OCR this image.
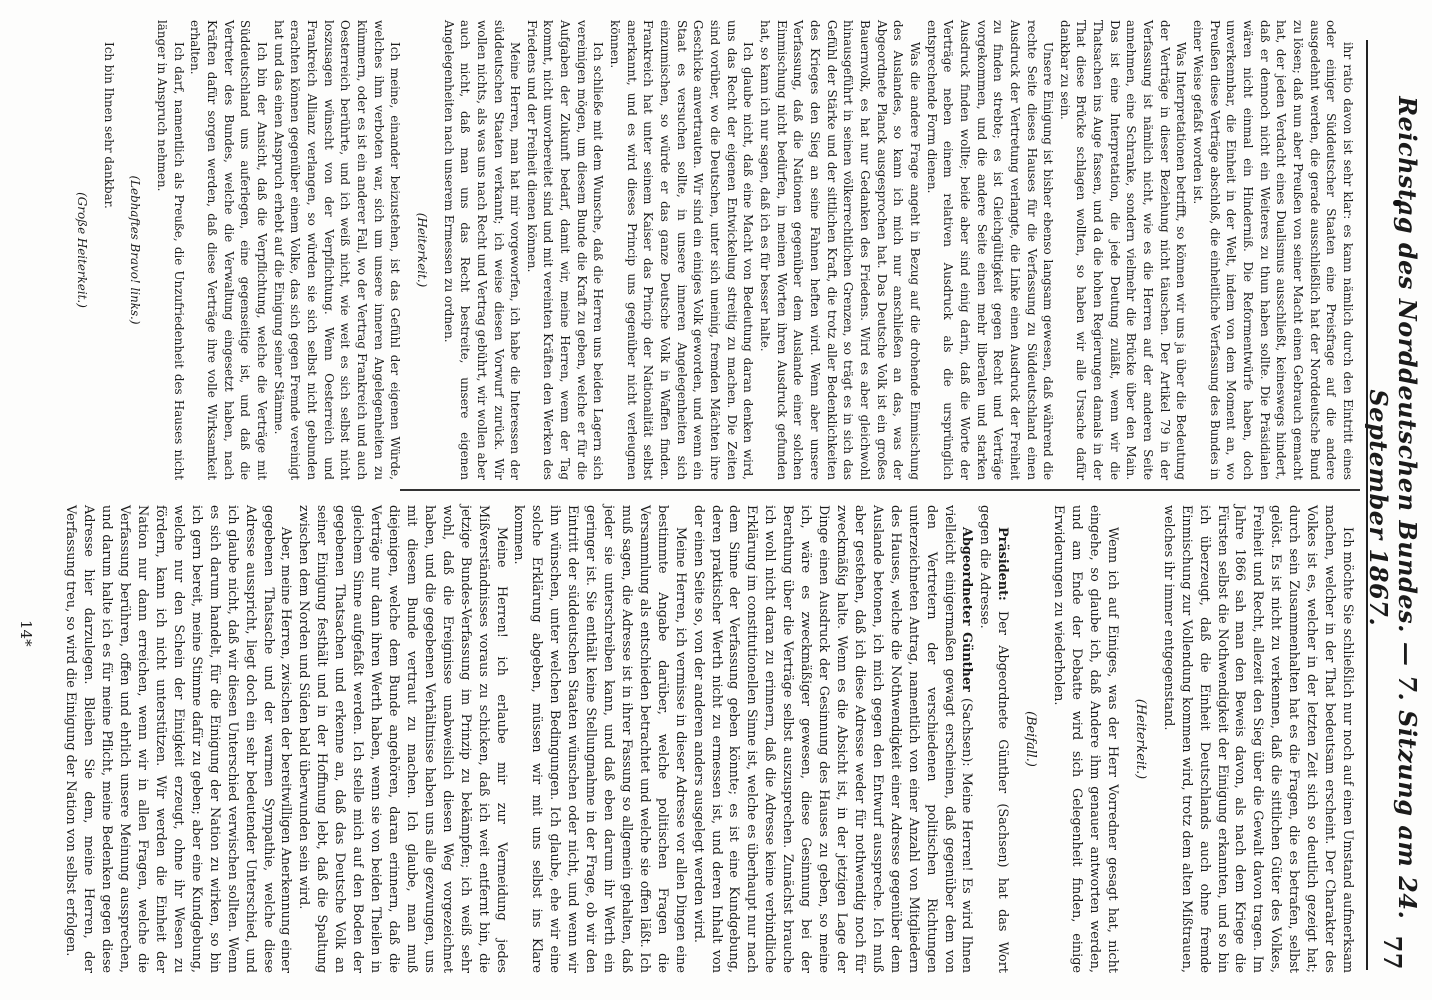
Reichstag des Norddeutschen Bundes. — 7. Sitzung am 24. September 1867.
77

ihr ratio davon ist sehr klar: es kann nämlich durch den Eintritt eines oder einiger Süddeutscher Staaten eine Preisfrage auf die andere ausgedehnt werden, die gerade ausschließlich hat der Norddeutsche Bund zu lösen; daß nun aber Preußen von seiner Macht einen Gebrauch gemacht hat, der jeden Verdacht eines Dualismus ausschließt, keineswegs hindert, daß er dennoch nicht ein Weiteres zu thun haben sollte. Die Präsidialen wären nicht einmal ein Hinderniß. Die Reformentwürfe haben, doch unverkennbar, die Einheit in der Welt, indem von dem Moment an, wo Preußen diese Verträge abschloß, die einheitliche Verfassung des Bundes in einer Weise gefaßt worden ist.

Was Interpretationen betrifft, so können wir uns ja über die Bedeutung der Verträge in dieser Beziehung nicht täuschen. Der Artikel 79 in der Verfassung ist nämlich nicht, wie es die Herren auf der anderen Seite annehmen, eine Schranke, sondern vielmehr die Brücke über den Main. Das ist eine Interpretation, die jede Deutung zuläßt, wenn wir die Thatsachen ins Auge fassen, und da die hohen Regierungen damals in der That diese Brücke schlagen wollten, so haben wir alle Ursache dafür dankbar zu sein.

Unsere Einigung ist bisher ebenso langsam gewesen, daß während die rechte Seite dieses Hauses für die Verfassung zu Süddeutschland einen Ausdruck der Vertretung verlangte, die Linke einen Ausdruck der Freiheit zu finden strebte; es ist Gleichgültigkeit gegen Recht und Verträge vorgekommen, und die andere Seite einen mehr liberalen und starken Ausdruck finden wollte; beide aber sind einig darin, daß die Worte der Verträge neben einem relativen Ausdruck als die ursprünglich entsprechende Form dienen.

Was die andere Frage angeht in Bezug auf die drohende Einmischung des Auslandes, so kann ich mich nur anschließen an das, was der Abgeordnete Planck ausgesprochen hat. Das Deutsche Volk ist ein großes Bauernvolk, es hat nur Gedanken des Friedens. Wird es aber gleichwohl hinausgeführt in seinen völkerrechtlichen Grenzen, so trägt es in sich das Gefühl der Stärke und der sittlichen Kraft, die trotz aller Bedenklichkeiten des Krieges den Sieg an seine Fahnen heften wird. Wenn aber unsere Verfassung, daß die Nationen gegenüber dem Auslande einer solchen Einmischung nicht bedürfen, in meinen Worten ihren Ausdruck gefunden hat, so kann ich nur sagen, daß ich es für besser halte.

Ich glaube nicht, daß eine Macht von Bedeutung daran denken wird, uns das Recht der eigenen Entwickelung streitig zu machen. Die Zeiten sind vorüber, wo die Deutschen, unter sich uneinig, fremden Mächten ihre Geschicke anvertrauten. Wir sind ein einiges Volk geworden, und wenn ein Staat es versuchen sollte, in unsere inneren Angelegenheiten sich einzumischen, so würde er das ganze Deutsche Volk in Waffen finden. Frankreich hat unter seinem Kaiser das Princip der Nationalität selbst anerkannt, und es wird dieses Princip uns gegenüber nicht verleugnen können.

Ich schließe mit dem Wunsche, daß die Herren uns beiden Lagern sich vereinigen mögen, um diesem Bunde die Kraft zu geben, welche er für die Aufgaben der Zukunft bedarf, damit wir, meine Herren, wenn der Tag kommt, nicht unvorbereitet sind und mit vereinten Kräften den Werken des Friedens und der Freiheit dienen können.

Meine Herren, man hat mir vorgeworfen, ich habe die Interessen der süddeutschen Staaten verkannt; ich weise diesen Vorwurf zurück. Wir wollen nichts, als was uns nach Recht und Vertrag gebührt, wir wollen aber auch nicht, daß man uns das Recht bestreite, unsere eigenen Angelegenheiten nach unserem Ermessen zu ordnen.

(Heiterkeit.)

Ich meine, einander beizustehen, ist das Gefühl der eigenen Würde, welches ihm verboten war, sich um unsere inneren Angelegenheiten zu kümmern, oder es ist ein anderer Fall, wo der Vertrag Frankreich und auch Oesterreich berührte, und ich weiß nicht, wie weit es sich selbst nicht loszusagen wünscht von der Verpflichtung. Wenn Oesterreich und Frankreich Allianz verlangen, so würden sie sich selbst nicht gebunden erachten können gegenüber einem Volke, das sich gegen Fremde vereinigt hat und das einen Anspruch erhebt auf die Einigung seiner Stämme.

Ich bin der Ansicht, daß die Verpflichtung, welche die Verträge mit Süddeutschland uns auferlegen, eine gegenseitige ist, und daß die Vertreter des Bundes, welche die Verwaltung eingesetzt haben, nach Kräften dafür sorgen werden, daß diese Verträge ihre volle Wirksamkeit erhalten.

Ich darf, namentlich als Preuße, die Unzufriedenheit des Hauses nicht länger in Anspruch nehmen.

(Lebhaftes Bravo! links.)

Ich bin Ihnen sehr dankbar.

(Große Heiterkeit.)

Ich möchte Sie schließlich nur noch auf einen Umstand aufmerksam machen, welcher in der That bedeutsam erscheint. Der Charakter des Volkes ist es, welcher in der letzten Zeit sich so deutlich gezeigt hat; durch sein Zusammenhalten hat es die Fragen, die es betrafen, selbst gelöst. Es ist nicht zu verkennen, daß die sittlichen Güter des Volkes, Freiheit und Recht, allezeit den Sieg über die Gewalt davon tragen. Im Jahre 1866 sah man den Beweis davon, als nach dem Kriege die Fürsten selbst die Nothwendigkeit der Einigung erkannten, und so bin ich überzeugt, daß die Einheit Deutschlands auch ohne fremde Einmischung zur Vollendung kommen wird, trotz dem alten Mißtrauen, welches ihr immer entgegenstand.

(Heiterkeit.)

Wenn ich auf Einiges, was der Herr Vorredner gesagt hat, nicht eingehe, so glaube ich, daß Andere ihm genauer antworten werden, und am Ende der Debatte wird sich Gelegenheit finden, einige Erwiderungen zu wiederholen.

(Beifall.)

Präsident: Der Abgeordnete Günther (Sachsen) hat das Wort gegen die Adresse.

Abgeordneter Günther (Sachsen): Meine Herren! Es wird Ihnen vielleicht einigermaßen gewagt erscheinen, daß gegenüber dem von den Vertretern der verschiedenen politischen Richtungen unterzeichneten Antrag, namentlich von einer Anzahl von Mitgliedern des Hauses, welche die Nothwendigkeit einer Adresse gegenüber dem Auslande betonen, ich mich gegen den Entwurf ausspreche. Ich muß aber gestehen, daß ich diese Adresse weder für nothwendig noch für zweckmäßig halte. Wenn es die Absicht ist, in der jetzigen Lage der Dinge einen Ausdruck der Gesinnung des Hauses zu geben, so meine ich, wäre es zweckmäßiger gewesen, diese Gesinnung bei der Berathung über die Verträge selbst auszusprechen. Zunächst brauche ich wohl nicht daran zu erinnern, daß die Adresse keine verbindliche Erklärung im constitutionellen Sinne ist, welche es überhaupt nur nach dem Sinne der Verfassung geben könnte; es ist eine Kundgebung, deren praktischer Werth nicht zu ermessen ist, und deren Inhalt von der einen Seite so, von der anderen anders ausgelegt werden wird.

Meine Herren, ich vermisse in dieser Adresse vor allen Dingen eine bestimmte Angabe darüber, welche politischen Fragen die Versammlung als entschieden betrachtet und welche sie offen läßt. Ich muß sagen, die Adresse ist in ihrer Fassung so allgemein gehalten, daß jeder sie unterschreiben kann, und daß eben darum ihr Werth ein geringer ist. Sie enthält keine Stellungnahme in der Frage, ob wir den Eintritt der süddeutschen Staaten wünschen oder nicht, und wenn wir ihn wünschen, unter welchen Bedingungen. Ich glaube, ehe wir eine solche Erklärung abgeben, müssen wir mit uns selbst ins Klare kommen.

Meine Herren! ich erlaube mir zur Vermeidung jedes Mißverständnisses voraus zu schicken, daß ich weit entfernt bin, die jetzige Bundes-Verfassung im Prinzip zu bekämpfen; ich weiß sehr wohl, daß die Ereignisse unabweislich diesen Weg vorgezeichnet haben, und die gegebenen Verhältnisse haben uns alle gezwungen, uns mit diesem Bunde vertraut zu machen. Ich glaube, man muß diejenigen, welche dem Bunde angehören, daran erinnern, daß die Verträge nur dann ihren Werth haben, wenn sie von beiden Theilen in gleichem Sinne aufgefaßt werden. Ich stelle mich auf den Boden der gegebenen Thatsachen und erkenne an, daß das Deutsche Volk an seiner Einigung festhält und in der Hoffnung lebt, daß die Spaltung zwischen dem Norden und Süden bald überwunden sein wird.

Aber, meine Herren, zwischen der bereitwilligen Anerkennung einer gegebenen Thatsache und der warmen Sympathie, welche diese Adresse ausspricht, liegt doch ein sehr bedeutender Unterschied, und ich glaube nicht, daß wir diesen Unterschied verwischen sollten. Wenn es sich darum handelt, für die Einigung der Nation zu wirken, so bin ich gern bereit, meine Stimme dafür zu geben; aber eine Kundgebung, welche nur den Schein der Einigkeit erzeugt, ohne ihr Wesen zu fördern, kann ich nicht unterstützen. Wir werden die Einheit der Nation nur dann erreichen, wenn wir in allen Fragen, welche die Verfassung berühren, offen und ehrlich unsere Meinung aussprechen, und darum halte ich es für meine Pflicht, meine Bedenken gegen diese Adresse hier darzulegen. Bleiben Sie dem, meine Herren, der Verfassung treu, so wird die Einigung der Nation von selbst erfolgen.

14*
